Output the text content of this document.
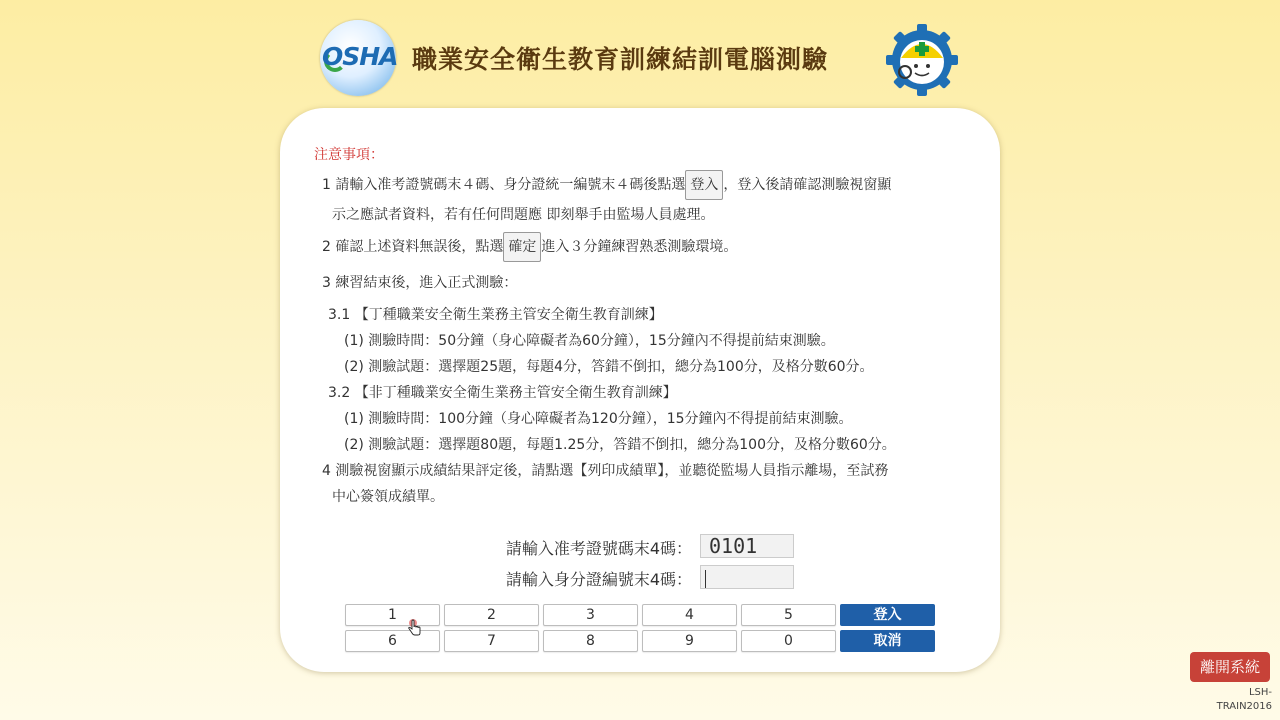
OSHA 職業安全衛生教育訓練結訓電腦測驗
注意事項：
1 請輸入准考證號碼末４碼、身分證統一編號末４碼後點選 登入 ，登入後請確認測驗視窗顯
示之應試者資料，若有任何問題應 即刻舉手由監場人員處理。
2 確認上述資料無誤後，點選 確定 進入３分鐘練習熟悉測驗環境。
3 練習結束後，進入正式測驗：
3.1 【丁種職業安全衛生業務主管安全衛生教育訓練】
(1) 測驗時間：50分鐘（身心障礙者為60分鐘），15分鐘內不得提前結束測驗。
(2) 測驗試題：選擇題25題，每題4分，答錯不倒扣，總分為100分，及格分數60分。
3.2 【非丁種職業安全衛生業務主管安全衛生教育訓練】
(1) 測驗時間：100分鐘（身心障礙者為120分鐘），15分鐘內不得提前結束測驗。
(2) 測驗試題：選擇題80題，每題1.25分，答錯不倒扣，總分為100分，及格分數60分。
4 測驗視窗顯示成績結果評定後，請點選【列印成績單】，並聽從監場人員指示離場，至試務
中心簽領成績單。
請輸入准考證號碼末4碼： 0101
請輸入身分證編號末4碼：
1	2	3	4	5	登入
6	7	8	9	0	取消
離開系統
LSH-
TRAIN2016
